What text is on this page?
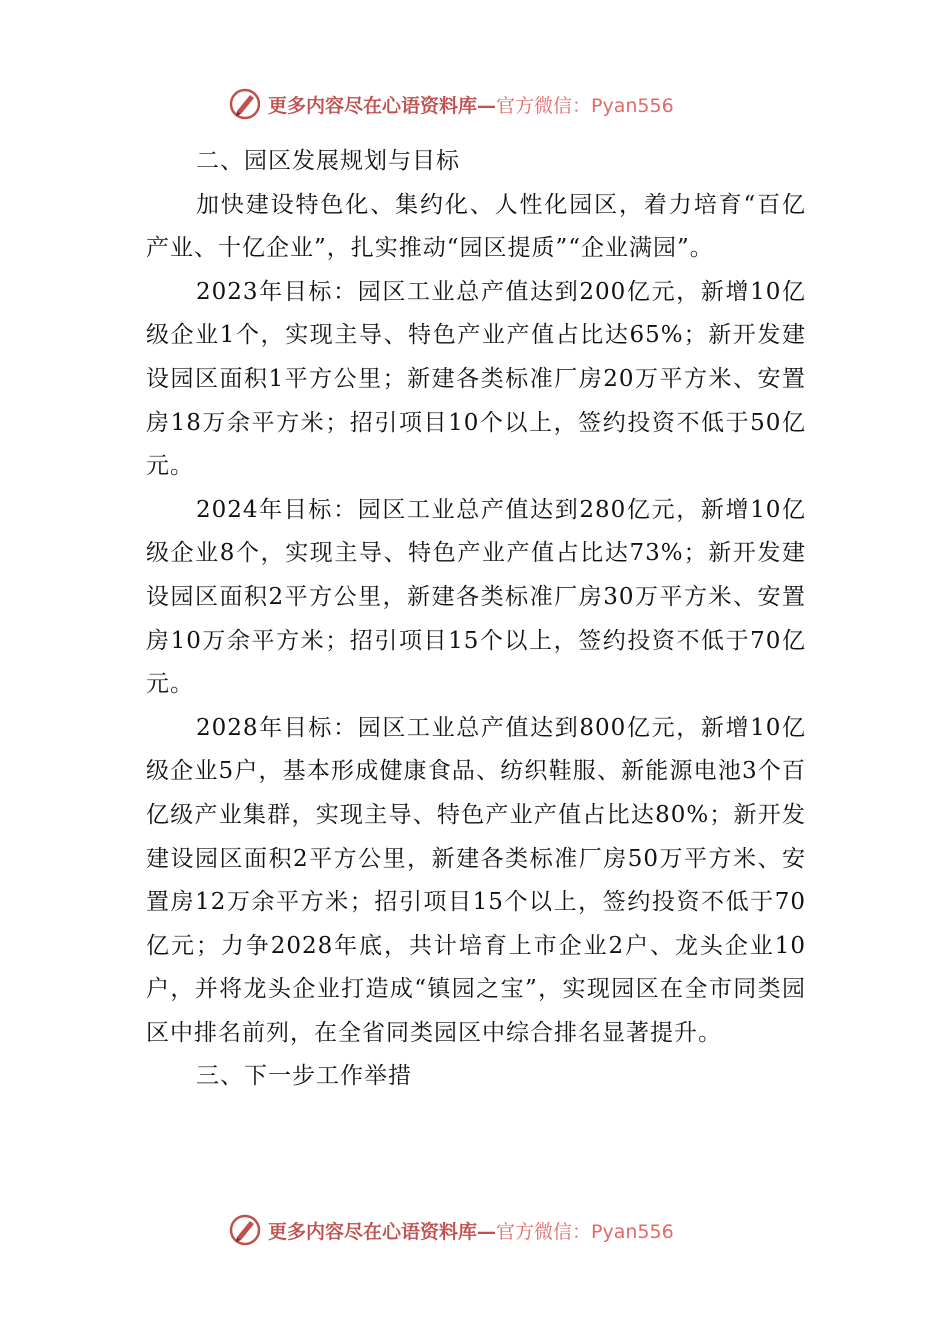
更多内容尽在心语资料库— 官方微信：Pyan556

二、园区发展规划与目标

加快建设特色化、集约化、人性化园区，着力培育“百亿产业、十亿企业”，扎实推动“园区提质”“企业满园”。

2023年目标：园区工业总产值达到200亿元，新增10亿级企业1个，实现主导、特色产业产值占比达65%；新开发建设园区面积1平方公里；新建各类标准厂房20万平方米、安置房18万余平方米；招引项目10个以上，签约投资不低于50亿元。

2024年目标：园区工业总产值达到280亿元，新增10亿级企业8个，实现主导、特色产业产值占比达73%；新开发建设园区面积2平方公里，新建各类标准厂房30万平方米、安置房10万余平方米；招引项目15个以上，签约投资不低于70亿元。

2028年目标：园区工业总产值达到800亿元，新增10亿级企业5户，基本形成健康食品、纺织鞋服、新能源电池3个百亿级产业集群，实现主导、特色产业产值占比达80%；新开发建设园区面积2平方公里，新建各类标准厂房50万平方米、安置房12万余平方米；招引项目15个以上，签约投资不低于70亿元；力争2028年底，共计培育上市企业2户、龙头企业10户，并将龙头企业打造成“镇园之宝”，实现园区在全市同类园区中排名前列，在全省同类园区中综合排名显著提升。

三、下一步工作举措

更多内容尽在心语资料库— 官方微信：Pyan556
